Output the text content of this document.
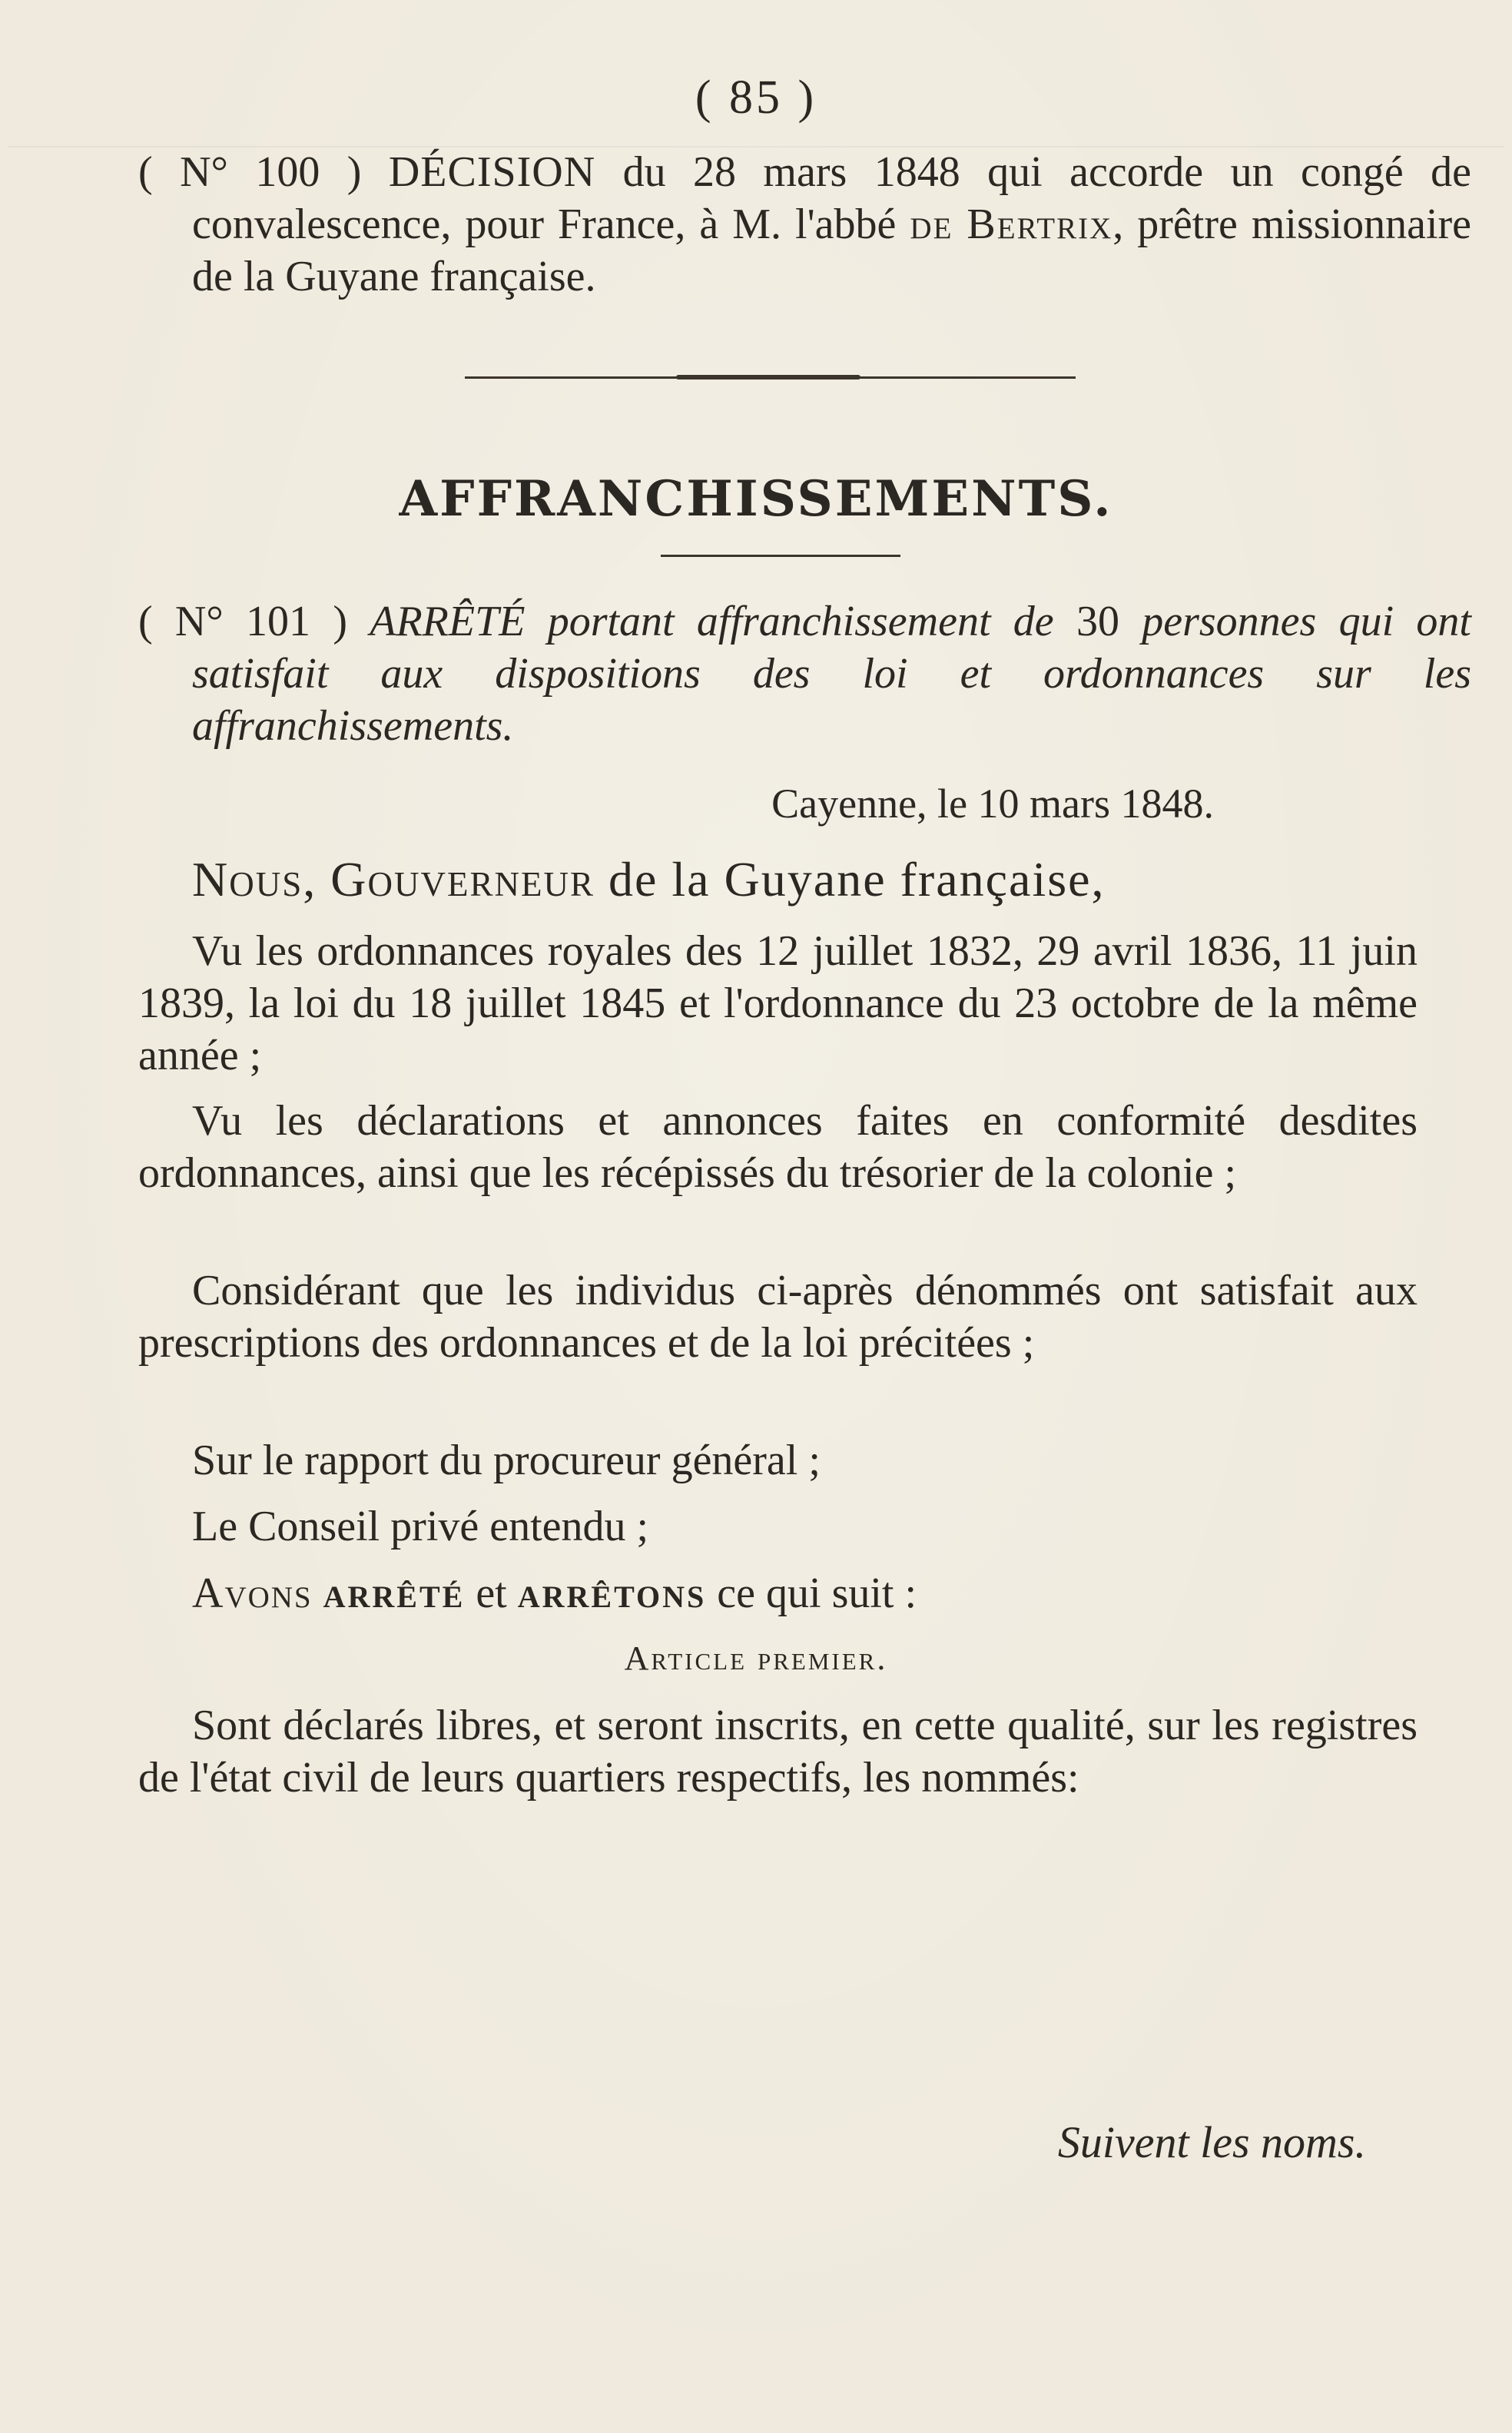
( 85 )
( N° 100 ) DÉCISION du 28 mars 1848 qui accorde un congé de convalescence, pour France, à M. l'abbé de Bertrix, prêtre missionnaire de la Guyane française.
AFFRANCHISSEMENTS.
( N° 101 ) ARRÊTÉ portant affranchissement de 30 personnes qui ont satisfait aux dispositions des loi et ordonnances sur les affranchissements.
Cayenne, le 10 mars 1848.
Nous, Gouverneur de la Guyane française,
Vu les ordonnances royales des 12 juillet 1832, 29 avril 1836, 11 juin 1839, la loi du 18 juillet 1845 et l'ordonnance du 23 octobre de la même année ;
Vu les déclarations et annonces faites en conformité desdites ordonnances, ainsi que les récépissés du trésorier de la colonie ;
Considérant que les individus ci-après dénommés ont satisfait aux prescriptions des ordonnances et de la loi précitées ;
Sur le rapport du procureur général ;
Le Conseil privé entendu ;
Avons ARRÊTÉ et ARRÊTONS ce qui suit :
Article premier.
Sont déclarés libres, et seront inscrits, en cette qualité, sur les registres de l'état civil de leurs quartiers respectifs, les nommés:
Suivent les noms.
